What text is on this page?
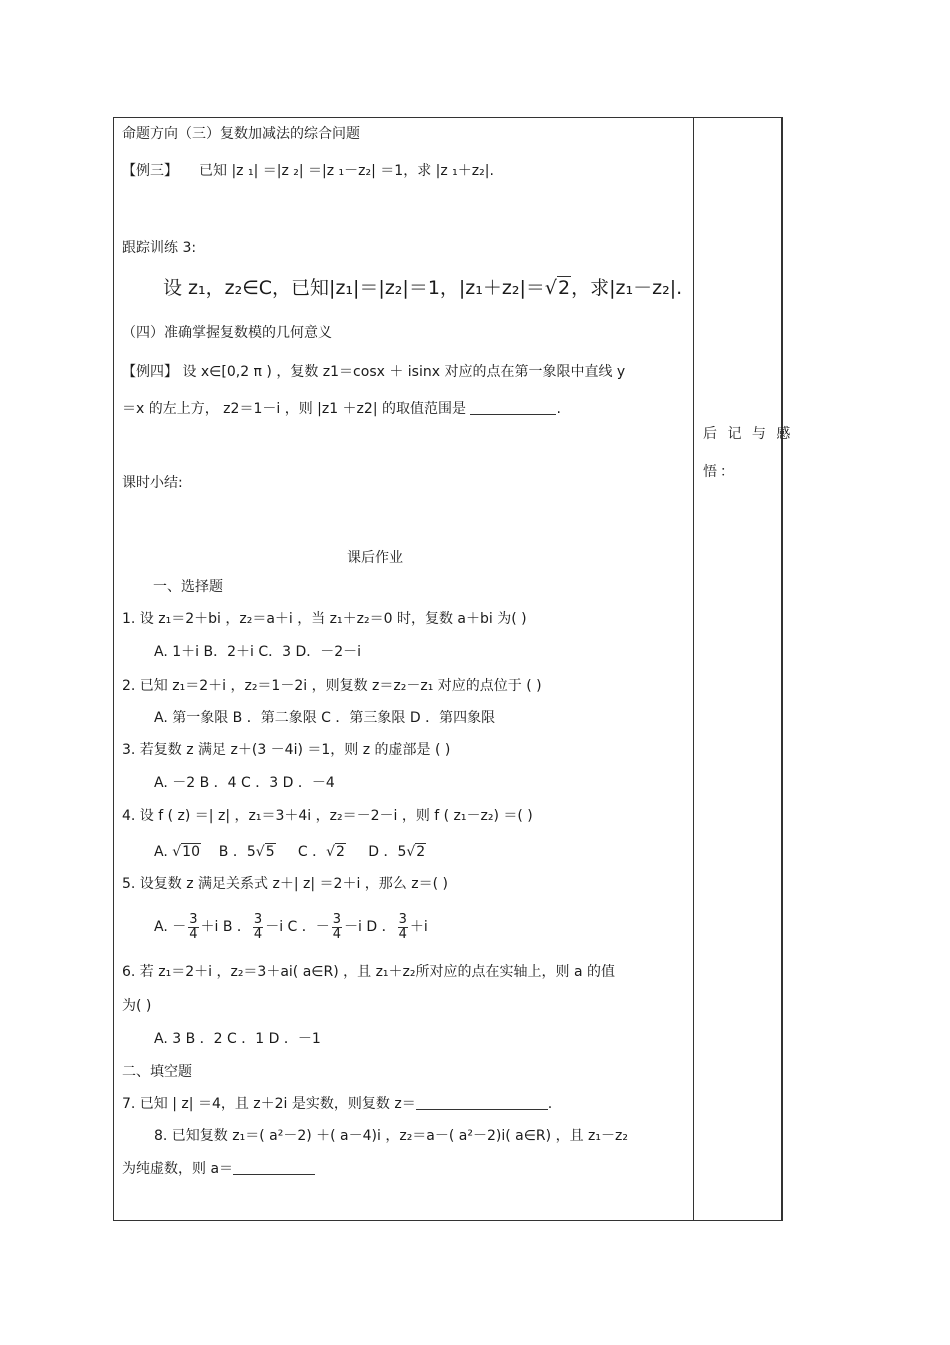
命题方向（三）复数加减法的综合问题
【例三】　　已知 |z ₁| ＝|z ₂| ＝|z ₁－z₂| ＝1，求 |z ₁＋z₂|.
跟踪训练 3:
设 z₁，z₂∈C，已知|z₁|＝|z₂|＝1，|z₁＋z₂|＝√2，求|z₁－z₂|.
（四）准确掌握复数模的几何意义
【例四】 设 x∈[0,2 π ) ，复数 z1＝cosx ＋ isinx 对应的点在第一象限中直线 y
＝x 的左上方， z2＝1－i ，则 |z1 ＋z2| 的取值范围是	.
课时小结:
课后作业
一、选择题
1. 设 z₁＝2＋bi ，z₂＝a＋i ，当 z₁＋z₂＝0 时，复数 a＋bi 为( )
A. 1＋i B．2＋i C．3 D．－2－i
2. 已知 z₁＝2＋i ，z₂＝1－2i ，则复数 z＝z₂－z₁ 对应的点位于 ( )
A. 第一象限 B ．第二象限 C ．第三象限 D ．第四象限
3. 若复数 z 满足 z＋(3 －4i) ＝1，则 z 的虚部是 ( )
A. －2 B ．4 C ．3 D ．－4
4. 设 f ( z) ＝| z| ，z₁＝3＋4i ，z₂＝－2－i ，则 f ( z₁－z₂) ＝( )
A. √10 B ．5√5 C ．√2 D ．5√2
5. 设复数 z 满足关系式 z＋| z| ＝2＋i ，那么 z＝( )
A. － $\frac{3}{4} +i$ B ． $\frac{3}{4} -i$ C ．－ $\frac{3}{4} -i$ D ． $\frac{3}{4} +i$
6. 若 z₁＝2＋i ，z₂＝3＋ai( a∈R) ，且 z₁＋z₂所对应的点在实轴上，则 a 的值
为( )
A. 3 B ．2 C ．1 D ．－1
二、填空题
7. 已知 | z| ＝4，且 z＋2i 是实数，则复数 z＝	.
8. 已知复数 z₁＝( a²－2) ＋( a－4)i ，z₂＝a－( a²－2)i( a∈R) ，且 z₁－z₂
为纯虚数，则 a＝
后 记 与 感
悟：
